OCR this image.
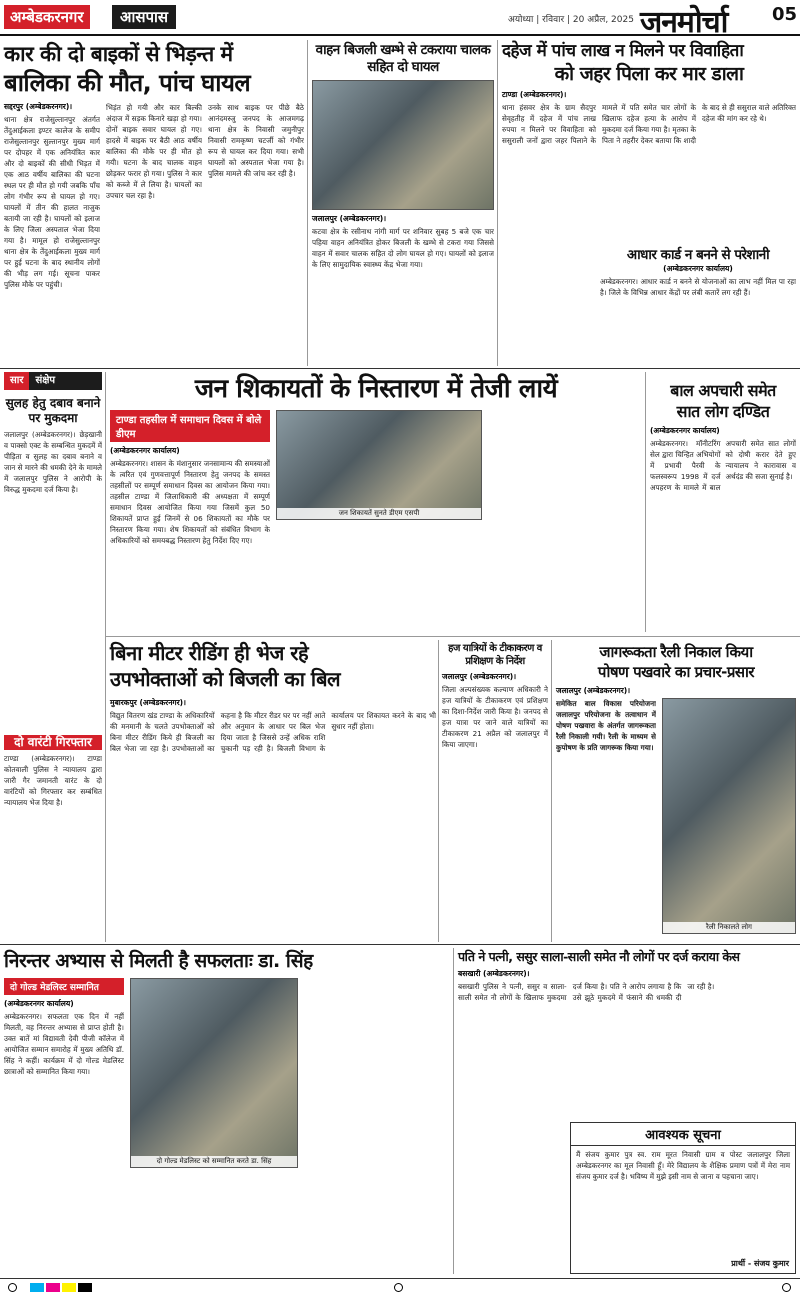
अम्बेडकरनगर	आसपास	अयोध्या | रविवार | 20 अप्रैल, 2025 जनमोर्चा 05
कार की दो बाइकों से भिड़न्त में
बालिका की मौत, पांच घायल
सद्दरपुर (अम्बेडकरनगर)।
थाना क्षेत्र राजेसुल्तानपुर अंतर्गत तेंदुआईकला इण्टर कालेज के समीप राजेसुल्तानपुर सुल्तानपुर मुख्य मार्ग पर दोपहर में एक अनियंत्रित कार और दो बाइकों की सीधी भिड़त में एक आठ वर्षीय बालिका की घटना स्थल पर ही मौत हो गयी जबकि पाँच लोग गंभीर रूप से घायल हो गए। घायलों में तीन की हालत नाजुक बतायी जा रही है। घायलों को इलाज के लिए जिला अस्पताल भेजा दिया गया है। मामूल हो राजेसुल्तानपुर थाना क्षेत्र के तेंदुआईकला मुख्य मार्ग पर हुई घटना के बाद स्थानीय लोगों की भीड़ लग गई। सूचना पाकर पुलिस मौके पर पहुंची।
भिड़ंत हो गयी और कार बिल्की अंदाज में सड़क किनारे खड़ा हो गया। दोनों बाइक सवार घायल हो गए। हादसे में बाइक पर बैठी आठ वर्षीय बालिका की मौके पर ही मौत हो गयी। घटना के बाद चालक वाहन छोड़कर फरार हो गया। पुलिस ने कार को कब्जे में ले लिया है। घायलों का उपचार चल रहा है।
उनके साथ बाइक पर पीछे बैठे आनंदमस्जु जनपद के आजमगढ़ थाना क्षेत्र के निवासी जमुनीपुर निवासी रामकृष्ण चटर्जी को गंभीर रूप से घायल कर दिया गया। सभी घायलों को अस्पताल भेजा गया है। पुलिस मामले की जांच कर रही है।
वाहन बिजली खम्भे से टकराया चालक सहित दो घायल
जलालपुर (अम्बेडकरनगर)।
कटवा क्षेत्र के रसीनाथ नांगी मार्ग पर शनिवार सुबह 5 बजे एक चार पहिया वाहन अनियंत्रित होकर बिजली के खम्भे से टकरा गया जिससे वाहन में सवार चालक सहित दो लोग घायल हो गए। घायलों को इलाज के लिए सामुदायिक स्वास्थ्य केंद्र भेजा गया।
दहेज में पांच लाख न मिलने पर विवाहिता
को जहर पिला कर मार डाला
टाण्डा (अम्बेडकरनगर)।
थाना हंसवर क्षेत्र के ग्राम सैदपुर सेवृहतीह में दहेज में पांच लाख रुपया न मिलने पर विवाहिता को ससुराली जनों द्वारा जहर पिलाने के मामले में पति समेत चार लोगों के खिलाफ दहेज हत्या के आरोप में मुकदमा दर्ज किया गया है। मृतका के पिता ने तहरीर देकर बताया कि शादी के बाद से ही ससुराल वाले अतिरिक्त दहेज की मांग कर रहे थे।
आधार कार्ड न बनने से परेशानी
(अम्बेडकरनगर कार्यालय)
अम्बेडकरनगर। आधार कार्ड न बनने से योजनाओं का लाभ नहीं मिल पा रहा है। जिले के विभिन्न आधार केंद्रों पर लंबी कतारें लग रही हैं।
सार	संक्षेप
सुलह हेतु दबाव बनाने पर मुकदमा
जलालपुर (अम्बेडकरनगर)। छेड़खानी व पाक्सो एक्ट के सम्बन्धित मुकदमें में पीड़िता व सुलह का दबाव बनाने व जान से मारने की धमकी देने के मामले में जलालपुर पुलिस ने आरोपी के विरुद्ध मुकदमा दर्ज किया है।
दो वारंटी गिरफ्तार
टाण्डा (अम्बेडकरनगर)। टाण्डा कोतवाली पुलिस ने न्यायालय द्वारा जारी गैर जमानती वारंट के दो वारंटियों को गिरफ्तार कर सम्बंधित न्यायालय भेज दिया है।
जन शिकायतों के निस्तारण में तेजी लायें
टाण्डा तहसील में समाधान दिवस में बोले डीएम
(अम्बेडकरनगर कार्यालय)
अम्बेडकरनगर। शासन के मंशानुसार जनसामान्य की समस्याओं के त्वरित एवं गुणवत्तापूर्ण निस्तारण हेतु जनपद के समस्त तहसीलों पर सम्पूर्ण समाधान दिवस का आयोजन किया गया। तहसील टाण्डा में जिलाधिकारी की अध्यक्षता में सम्पूर्ण समाधान दिवस आयोजित किया गया जिसमें कुल 50 शिकायतें प्राप्त हुई जिनमें से 06 शिकायतों का मौके पर निस्तारण किया गया। शेष शिकायतों को संबंधित विभाग के अधिकारियों को समयबद्ध निस्तारण हेतु निर्देश दिए गए।
जन शिकायतें सुनते डीएम एसपी
बाल अपचारी समेत
सात लोग दण्डित
(अम्बेडकरनगर कार्यालय)
अम्बेडकरनगर। मॉनीटरिंग सेल द्वारा चिन्हित अभियोगों में प्रभावी पैरवी के फलस्वरूप 1998 में दर्ज अपहरण के मामले में बाल अपचारी समेत सात लोगों को दोषी करार देते हुए न्यायालय ने कारावास व अर्थदंड की सजा सुनाई है।
बिना मीटर रीडिंग ही भेज रहे
उपभोक्ताओं को बिजली का बिल
मुबारकपुर (अम्बेडकरनगर)।
विद्युत वितरण खंड टाण्डा के अधिकारियों की मनमानी के चलते उपभोक्ताओं को बिना मीटर रीडिंग किये ही बिजली का बिल भेजा जा रहा है। उपभोक्ताओं का कहना है कि मीटर रीडर घर पर नहीं आते और अनुमान के आधार पर बिल भेज दिया जाता है जिससे उन्हें अधिक राशि चुकानी पड़ रही है। बिजली विभाग के कार्यालय पर शिकायत करने के बाद भी सुधार नहीं होता।
हज यात्रियों के टीकाकरण व प्रशिक्षण के निर्देश
जलालपुर (अम्बेडकरनगर)।
जिला अल्पसंख्यक कल्याण अधिकारी ने हज यात्रियों के टीकाकरण एवं प्रशिक्षण का दिशा-निर्देश जारी किया है। जनपद से हज यात्रा पर जाने वाले यात्रियों का टीकाकरण 21 अप्रैल को जलालपुर में किया जाएगा।
जागरूकता रैली निकाल किया
पोषण पखवारे का प्रचार-प्रसार
जलालपुर (अम्बेडकरनगर)।
समेकित बाल विकास परियोजना जलालपुर परियोजना के तत्वाधान में पोषण पखवारा के अंतर्गत जागरूकता रैली निकाली गयी। रैली के माध्यम से कुपोषण के प्रति जागरूक किया गया।
रैली निकालते लोग
निरन्तर अभ्यास से मिलती है सफलताः डा. सिंह
दो गोल्ड मेडलिस्ट सम्मानित
(अम्बेडकरनगर कार्यालय)
अम्बेडकरनगर। सफलता एक दिन में नहीं मिलती, वह निरन्तर अभ्यास से प्राप्त होती है। उक्त बातें मां विद्यावती देवी पीजी कॉलेज में आयोजित सम्मान समारोह में मुख्य अतिथि डॉ. सिंह ने कहीं। कार्यक्रम में दो गोल्ड मेडलिस्ट छात्राओं को सम्मानित किया गया।
दो गोल्ड मेडलिस्ट को सम्मानित करते डा. सिंह
पति ने पत्नी, ससुर साला-साली समेत नौ लोगों पर दर्ज कराया केस
बसखारी (अम्बेडकरनगर)।
बसखारी पुलिस ने पत्नी, ससुर व साला-साली समेत नौ लोगों के खिलाफ मुकदमा दर्ज किया है। पति ने आरोप लगाया है कि उसे झूठे मुकदमे में फंसाने की धमकी दी जा रही है।
आवश्यक सूचना
मैं संजय कुमार पुत्र स्व. राम मूरत निवासी ग्राम व पोस्ट जलालपुर जिला अम्बेडकरनगर का मूल निवासी हूँ। मेरे विद्यालय के शैक्षिक प्रमाण पत्रों में मेरा नाम संजय कुमार दर्ज है। भविष्य में मुझे इसी नाम से जाना व पहचाना जाए।
प्रार्थी - संजय कुमार
